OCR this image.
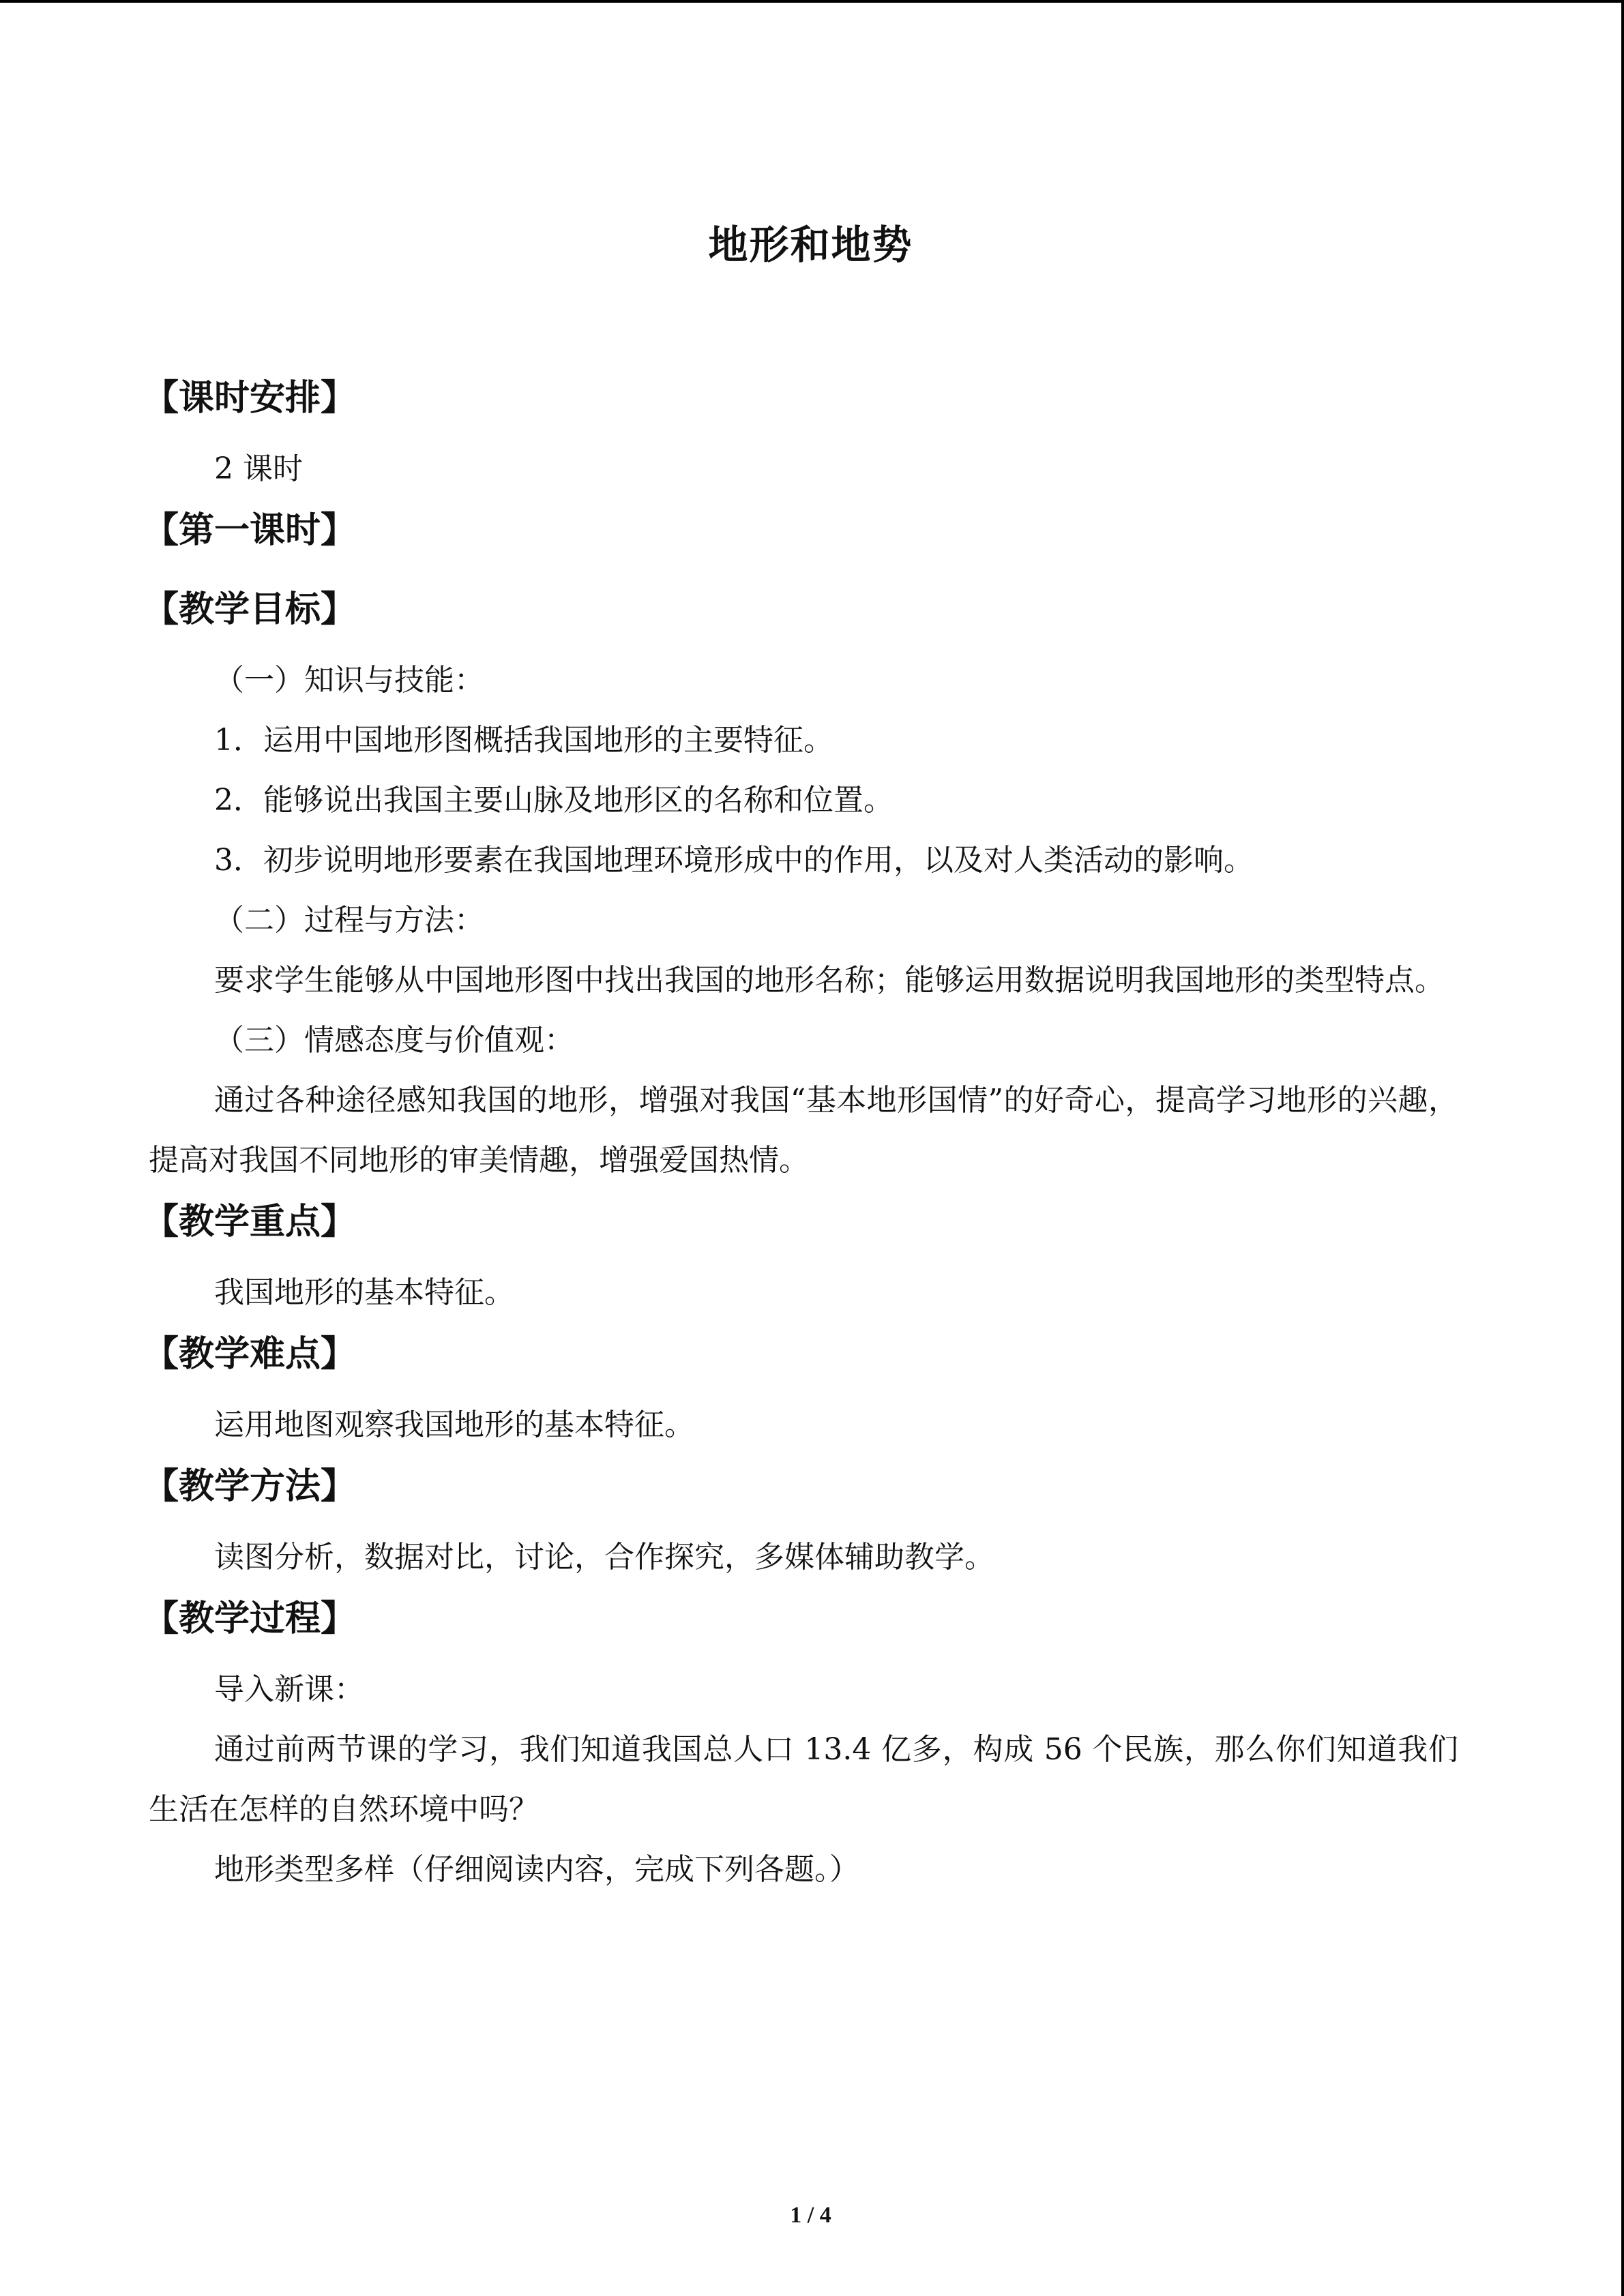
地形和地势
【课时安排】
2 课时
【第一课时】
【教学目标】
（一）知识与技能：
1．运用中国地形图概括我国地形的主要特征。
2．能够说出我国主要山脉及地形区的名称和位置。
3．初步说明地形要素在我国地理环境形成中的作用，以及对人类活动的影响。
（二）过程与方法：
要求学生能够从中国地形图中找出我国的地形名称；能够运用数据说明我国地形的类型特点。
（三）情感态度与价值观：
通过各种途径感知我国的地形，增强对我国“基本地形国情”的好奇心，提高学习地形的兴趣，提高对我国不同地形的审美情趣，增强爱国热情。
【教学重点】
我国地形的基本特征。
【教学难点】
运用地图观察我国地形的基本特征。
【教学方法】
读图分析，数据对比，讨论，合作探究，多媒体辅助教学。
【教学过程】
导入新课：
通过前两节课的学习，我们知道我国总人口 13.4 亿多，构成 56 个民族，那么你们知道我们生活在怎样的自然环境中吗？
地形类型多样（仔细阅读内容，完成下列各题。）
1 / 4
